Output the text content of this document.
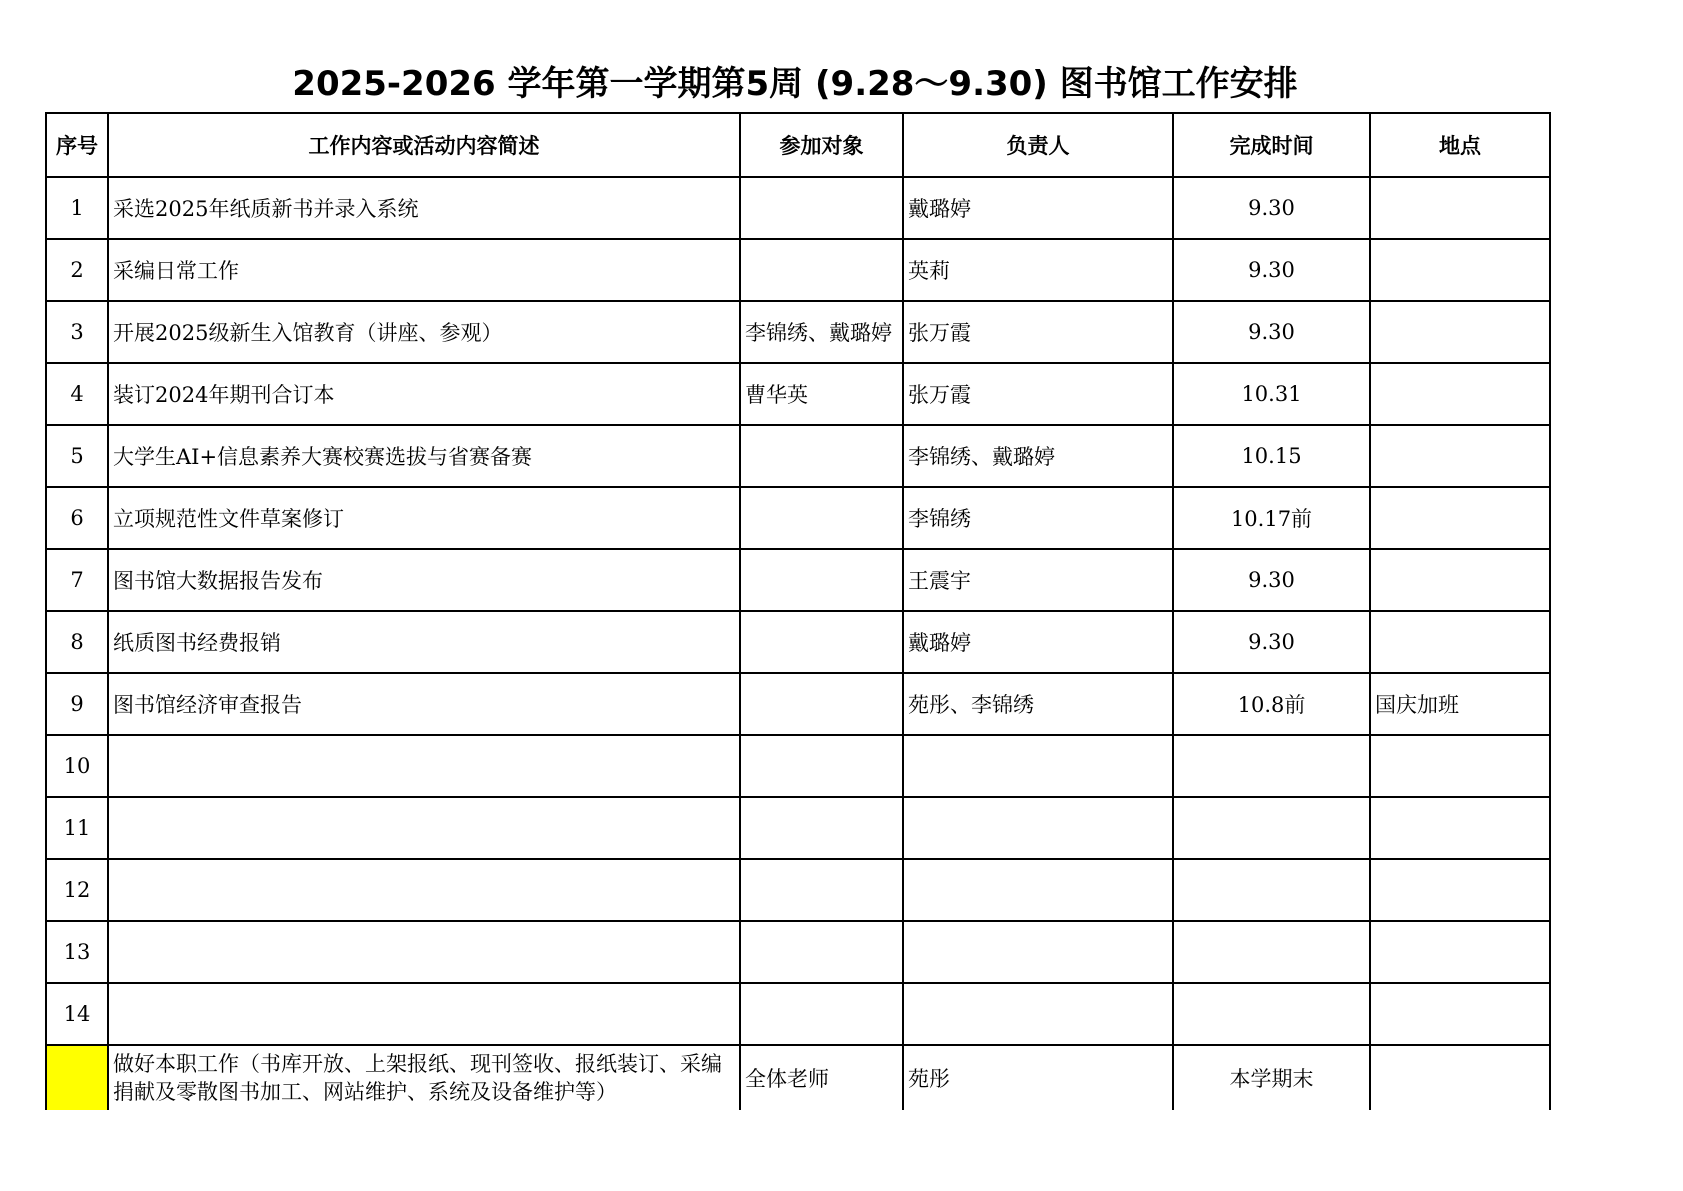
2025-2026 学年第一学期第5周 (9.28～9.30) 图书馆工作安排
序号	工作内容或活动内容简述	参加对象	负责人	完成时间	地点
1	采选2025年纸质新书并录入系统		戴璐婷	9.30	
2	采编日常工作		英莉	9.30	
3	开展2025级新生入馆教育（讲座、参观）	李锦绣、戴璐婷	张万霞	9.30	
4	装订2024年期刊合订本	曹华英	张万霞	10.31	
5	大学生AI+信息素养大赛校赛选拔与省赛备赛		李锦绣、戴璐婷	10.15	
6	立项规范性文件草案修订		李锦绣	10.17前	
7	图书馆大数据报告发布		王震宇	9.30	
8	纸质图书经费报销		戴璐婷	9.30	
9	图书馆经济审查报告		苑彤、李锦绣	10.8前	国庆加班
10					
11					
12					
13					
14					
	做好本职工作（书库开放、上架报纸、现刊签收、报纸装订、采编捐献及零散图书加工、网站维护、系统及设备维护等）	全体老师	苑彤	本学期末	
